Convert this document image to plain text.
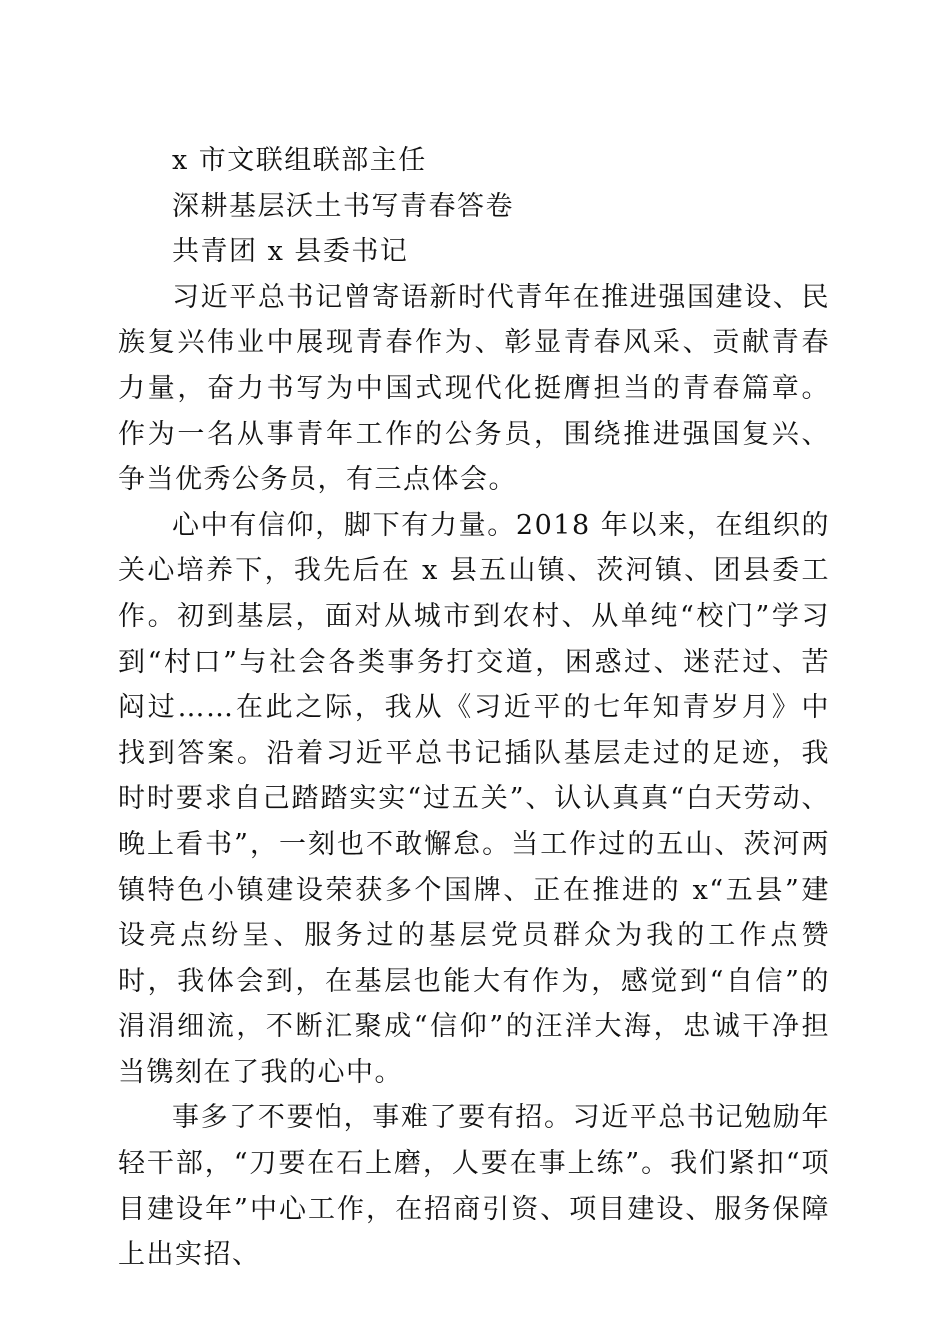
x 市文联组联部主任

深耕基层沃土书写青春答卷

共青团 x 县委书记

习近平总书记曾寄语新时代青年在推进强国建设、民族复兴伟业中展现青春作为、彰显青春风采、贡献青春力量，奋力书写为中国式现代化挺膺担当的青春篇章。作为一名从事青年工作的公务员，围绕推进强国复兴、争当优秀公务员，有三点体会。

心中有信仰，脚下有力量。2018 年以来，在组织的关心培养下，我先后在 x 县五山镇、茨河镇、团县委工作。初到基层，面对从城市到农村、从单纯“校门”学习到“村口”与社会各类事务打交道，困惑过、迷茫过、苦闷过……在此之际，我从《习近平的七年知青岁月》中找到答案。沿着习近平总书记插队基层走过的足迹，我时时要求自己踏踏实实“过五关”、认认真真“白天劳动、晚上看书”，一刻也不敢懈怠。当工作过的五山、茨河两镇特色小镇建设荣获多个国牌、正在推进的 x“五县”建设亮点纷呈、服务过的基层党员群众为我的工作点赞时，我体会到，在基层也能大有作为，感觉到“自信”的涓涓细流，不断汇聚成“信仰”的汪洋大海，忠诚干净担当镌刻在了我的心中。

事多了不要怕，事难了要有招。习近平总书记勉励年轻干部，“刀要在石上磨，人要在事上练”。我们紧扣“项目建设年”中心工作，在招商引资、项目建设、服务保障上出实招、
